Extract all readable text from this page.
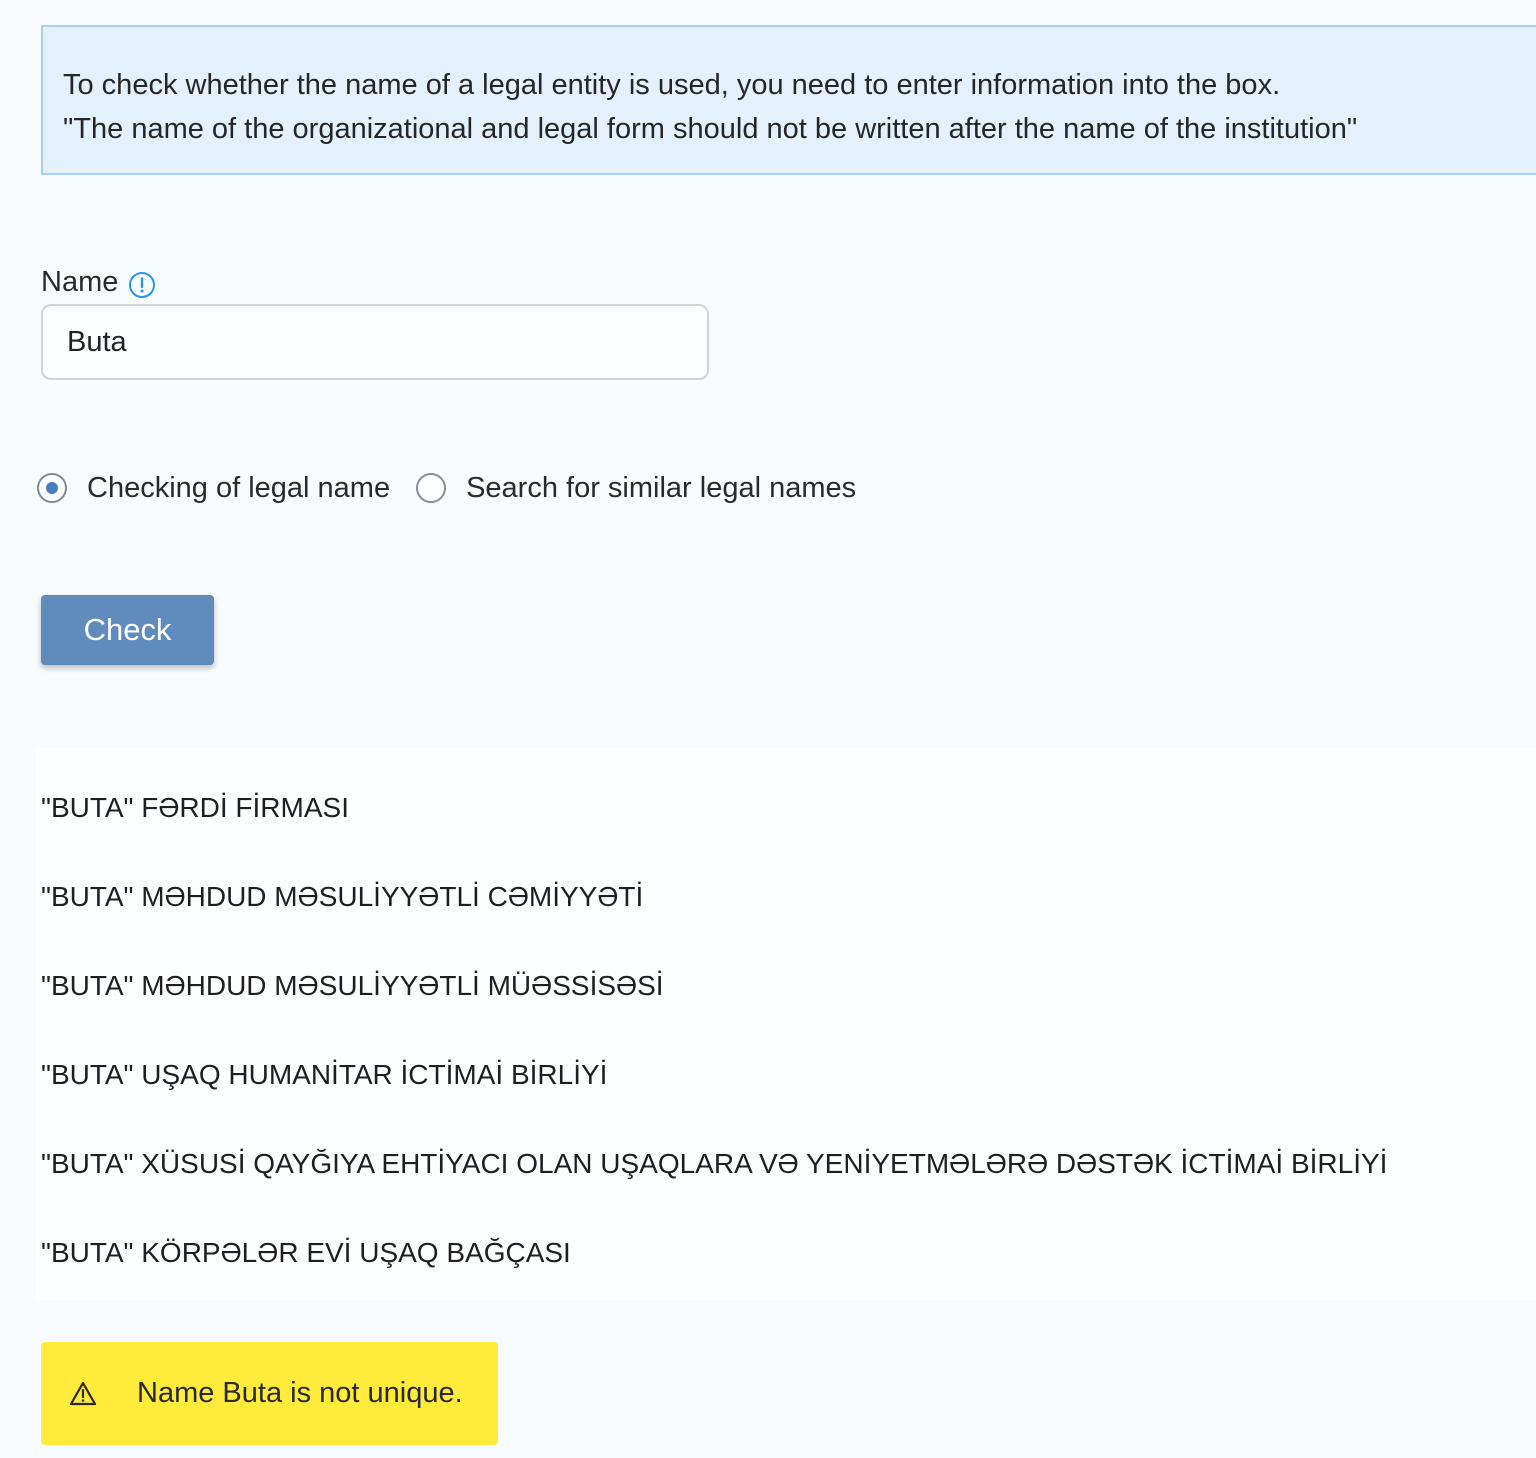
To check whether the name of a legal entity is used, you need to enter information into the box.
"The name of the organizational and legal form should not be written after the name of the institution"
Name
Buta
Checking of legal name	Search for similar legal names
Check
"BUTA" FƏRDİ FİRMASI
"BUTA" MƏHDUD MƏSULİYYƏTLİ CƏMİYYƏTİ
"BUTA" MƏHDUD MƏSULİYYƏTLİ MÜƏSSİSƏSİ
"BUTA" UŞAQ HUMANİTAR İCTİMAİ BİRLİYİ
"BUTA" XÜSUSİ QAYĞIYA EHTİYACI OLAN UŞAQLARA VƏ YENİYETMƏLƏRƏ DƏSTƏK İCTİMAİ BİRLİYİ
"BUTA" KÖRPƏLƏR EVİ UŞAQ BAĞÇASI
Name Buta is not unique.
